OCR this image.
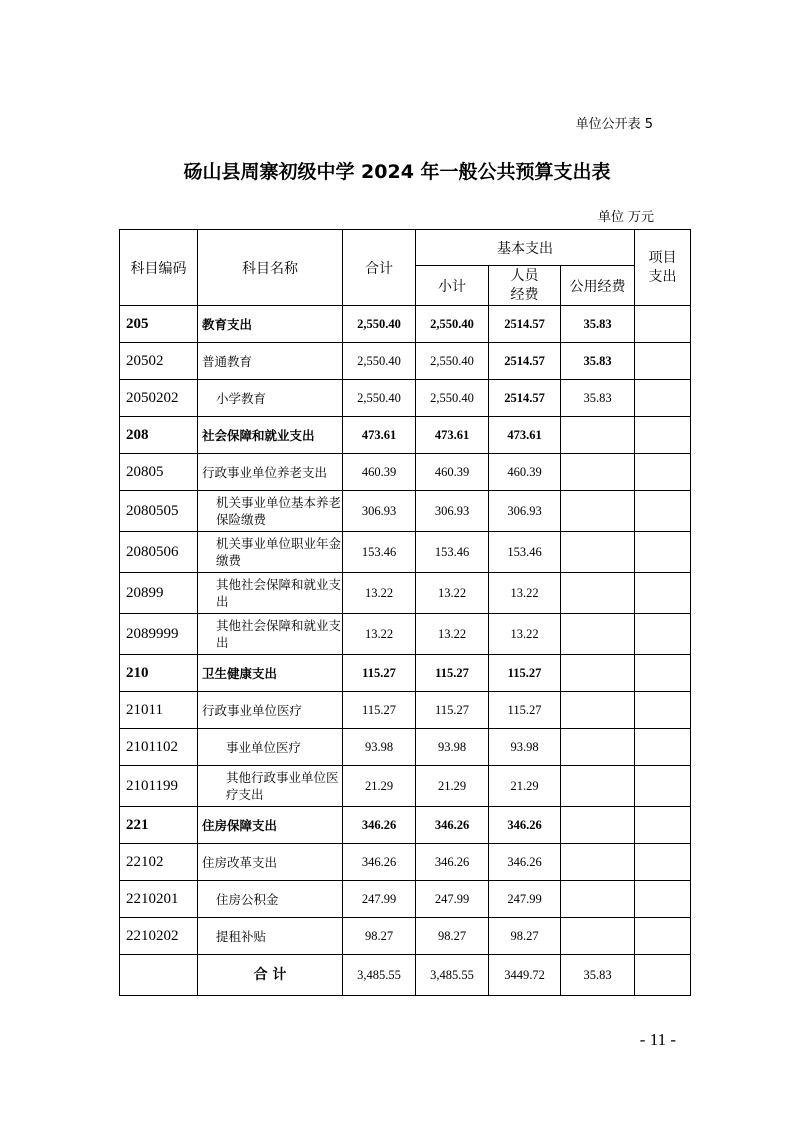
单位公开表 5
砀山县周寨初级中学 2024 年一般公共预算支出表
单位 万元
科目编码	科目名称	合计	基本支出			项目支出
			小计	人员经费	公用经费	
205	教育支出	2,550.40	2,550.40	2514.57	35.83	
20502	普通教育	2,550.40	2,550.40	2514.57	35.83	
2050202	小学教育	2,550.40	2,550.40	2514.57	35.83	
208	社会保障和就业支出	473.61	473.61	473.61		
20805	行政事业单位养老支出	460.39	460.39	460.39		
2080505	机关事业单位基本养老保险缴费	306.93	306.93	306.93		
2080506	机关事业单位职业年金缴费	153.46	153.46	153.46		
20899	其他社会保障和就业支出	13.22	13.22	13.22		
2089999	其他社会保障和就业支出	13.22	13.22	13.22		
210	卫生健康支出	115.27	115.27	115.27		
21011	行政事业单位医疗	115.27	115.27	115.27		
2101102	事业单位医疗	93.98	93.98	93.98		
2101199	其他行政事业单位医疗支出	21.29	21.29	21.29		
221	住房保障支出	346.26	346.26	346.26		
22102	住房改革支出	346.26	346.26	346.26		
2210201	住房公积金	247.99	247.99	247.99		
2210202	提租补贴	98.27	98.27	98.27		
	合 计	3,485.55	3,485.55	3449.72	35.83	
- 11 -
